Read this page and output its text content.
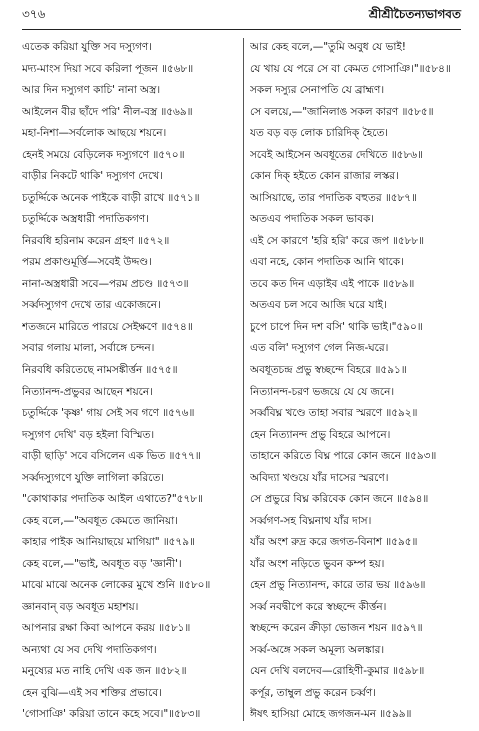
৩৭৬	শ্রীশ্রীচৈতন্যভাগবত
এতেক করিয়া যুক্তি সব দস্যুগণ।
মদ্য-মাংস দিয়া সবে করিলা পূজন ॥৫৬৮॥
আর দিন দস্যুগণ কাচি' নানা অস্ত্র।
আইলেন বীর ছাঁদে পরি' নীল-বস্ত্র ॥৫৬৯॥
মহা-নিশা—সর্বলোক আছয়ে শয়নে।
হেনই সময়ে বেড়িলেক দস্যুগণে ॥৫৭০॥
বাড়ীর নিকটে থাকি' দস্যুগণ দেখে।
চতুর্দ্দিকে অনেক পাইকে বাড়ী রাখে ॥৫৭১॥
চতুর্দ্দিকে অস্ত্রধারী পদাতিকগণ।
নিরবধি হরিনাম করেন গ্রহণ ॥৫৭২॥
পরম প্রকাণ্ডমূর্ত্তি—সবেই উদ্দণ্ড।
নানা-অস্ত্রধারী সবে—পরম প্রচণ্ড ॥৫৭৩॥
সর্ব্বদস্যুগণ দেখে তার একোজনে।
শতজনে মারিতে পারয়ে সেইক্ষণে ॥৫৭৪॥
সবার গলায় মালা, সর্বাঙ্গে চন্দন।
নিরবধি করিতেছে নামসঙ্কীর্ত্তন ॥৫৭৫॥
নিত্যানন্দ-প্রভুবর আছেন শয়নে।
চতুর্দ্দিকে 'কৃষ্ণ' গায় সেই সব গণে ॥৫৭৬॥
দস্যুগণ দেখি' বড় হইলা বিস্মিত।
বাড়ী ছাড়ি' সবে বসিলেন এক ভিত ॥৫৭৭॥
সর্ব্বদস্যুগণে যুক্তি লাগিলা করিতে।
"কোথাকার পদাতিক আইল এথাতে?"৫৭৮॥
কেহ বলে,—"অবধূত কেমতে জানিয়া।
কাহার পাইক আনিয়াছয়ে মাগিয়া" ॥৫৭৯॥
কেহ বলে,—"ভাই, অবধূত বড় 'জ্ঞানী'।
মাঝে মাঝে অনেক লোকের মুখে শুনি ॥৫৮০॥
জ্ঞানবান্ বড় অবধূত মহাশয়।
আপনার রক্ষা কিবা আপনে করয় ॥৫৮১॥
অন্যথা যে সব দেখি পদাতিকগণ।
মনুষ্যের মত নাহি দেখি এক জন ॥৫৮২॥
হেন বুঝি—এই সব শক্তির প্রভাবে।
'গোসাঞি' করিয়া তানে কহে সবে।"॥৫৮৩॥
আর কেহ বলে,—"তুমি অবুধ যে ভাই!
যে খায় যে পরে সে বা কেমত গোসাঞি।"॥৫৮৪॥
সকল দস্যুর সেনাপতি যে ব্রাহ্মণ।
সে বলয়ে,—"জানিলাঙ সকল কারণ ॥৫৮৫॥
যত বড় বড় লোক চারিদিক্ হৈতে।
সবেই আইসেন অবধূতের দেখিতে ॥৫৮৬॥
কোন দিক্ হইতে কোন রাজার লস্কর।
আসিয়াছে, তার পদাতিক বহুতর ॥৫৮৭॥
অতএব পদাতিক সকল ভাবক।
এই সে কারণে 'হরি হরি' করে জপ ॥৫৮৮॥
এবা নহে, কোন পদাতিক আনি থাকে।
তবে কত দিন এড়াইব এই পাকে ॥৫৮৯॥
অতএব চল সবে আজি ঘরে যাই।
চুপে চাপে দিন দশ বসি' থাকি ভাই।"৫৯০॥
এত বলি' দস্যুগণ গেল নিজ-ঘরে।
অবধূতচন্দ্র প্রভু স্বচ্ছন্দে বিহরে ॥৫৯১॥
নিত্যানন্দ-চরণ ভজয়ে যে যে জনে।
সর্ব্ববিঘ্ন খণ্ডে তাহা সবার স্মরণে ॥৫৯২॥
হেন নিত্যানন্দ প্রভু বিহরে আপনে।
তাহানে করিতে বিঘ্ন পারে কোন জনে ॥৫৯৩॥
অবিদ্যা খণ্ডয়ে যাঁর দাসের স্মরণে।
সে প্রভুরে বিঘ্ন করিবেক কোন জনে ॥৫৯৪॥
সর্ব্বগণ-সহ বিঘ্ননাথ যাঁর দাস।
যাঁর অংশ রুদ্র করে জগত-বিনাশ ॥৫৯৫॥
যাঁর অংশ নড়িতে ভুবন কম্প হয়।
হেন প্রভু নিত্যানন্দ, কারে তার ভয় ॥৫৯৬॥
সর্ব্ব নবদ্বীপে করে স্বচ্ছন্দে কীর্ত্তন।
স্বচ্ছন্দে করেন ক্রীড়া ভোজন শয়ন ॥৫৯৭॥
সর্ব্ব-অঙ্গে সকল অমূল্য অলঙ্কার।
যেন দেখি বলদেব—রোহিণী-কুমার ॥৫৯৮॥
কর্পূর, তাম্বুল প্রভু করেন চর্ব্বণ।
ঈষৎ হাসিয়া মোহে জগজন-মন ॥৫৯৯॥
